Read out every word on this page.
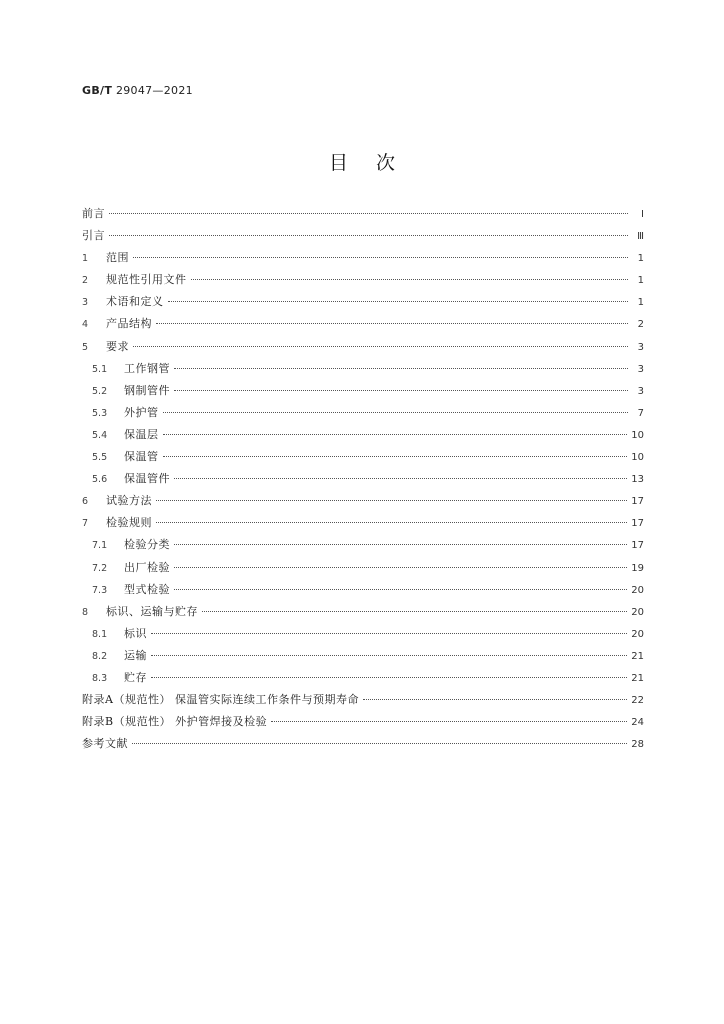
GB/T 29047—2021
目次
前言	Ⅰ
引言	Ⅲ
1	范围	1
2	规范性引用文件	1
3	术语和定义	1
4	产品结构	2
5	要求	3
5.1	工作钢管	3
5.2	钢制管件	3
5.3	外护管	7
5.4	保温层	10
5.5	保温管	10
5.6	保温管件	13
6	试验方法	17
7	检验规则	17
7.1	检验分类	17
7.2	出厂检验	19
7.3	型式检验	20
8	标识、运输与贮存	20
8.1	标识	20
8.2	运输	21
8.3	贮存	21
附录A（规范性） 保温管实际连续工作条件与预期寿命	22
附录B（规范性） 外护管焊接及检验	24
参考文献	28
